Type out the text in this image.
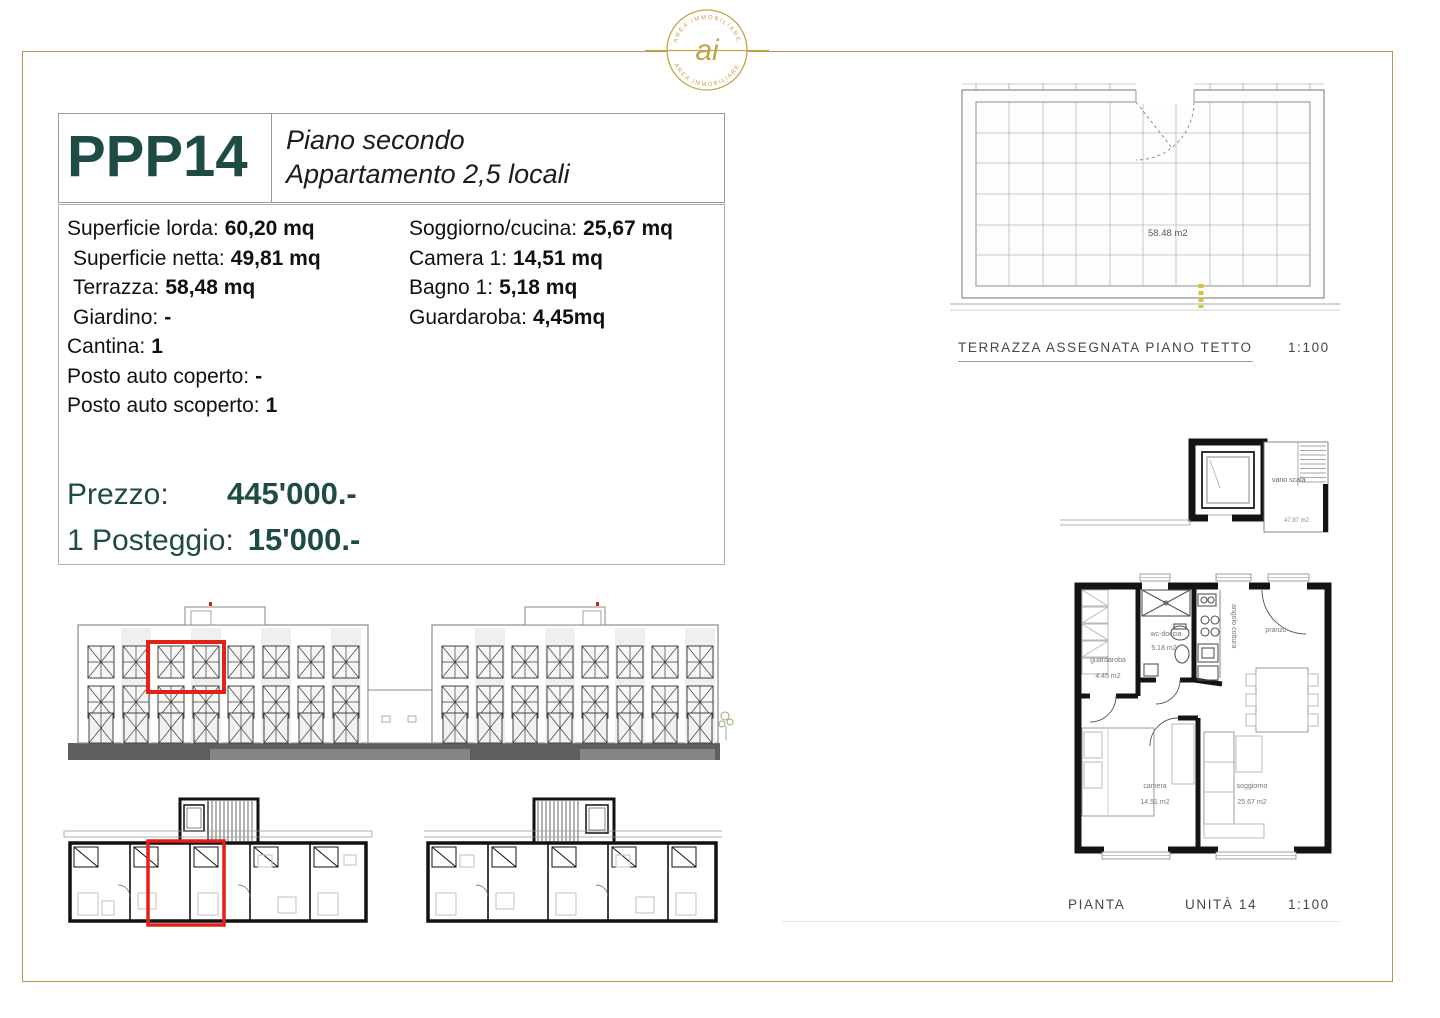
AREA IMMOBILIARE
AREA IMMOBILIARE
ai
PPP14	Piano secondo
Appartamento 2,5 locali
Superficie lorda: 60,20 mq
Superficie netta: 49,81 mq
Terrazza: 58,48 mq
Giardino: -
Cantina: 1
Posto auto coperto: -
Posto auto scoperto: 1
Soggiorno/cucina: 25,67 mq
Camera 1: 14,51 mq
Bagno 1: 5,18 mq
Guardaroba: 4,45mq
Prezzo: 445'000.-
1 Posteggio: 15'000.-
58.48 m2
TERRAZZA ASSEGNATA PIANO TETTO	1:100
vano scala
47.97 m2
guardaroba
4.45 m2
wc-doccia
5.18 m2
angolo cottura	pranzo
camera
14.51 m2
soggiorno
25.67 m2
PIANTA	UNITÀ 14 1:100
